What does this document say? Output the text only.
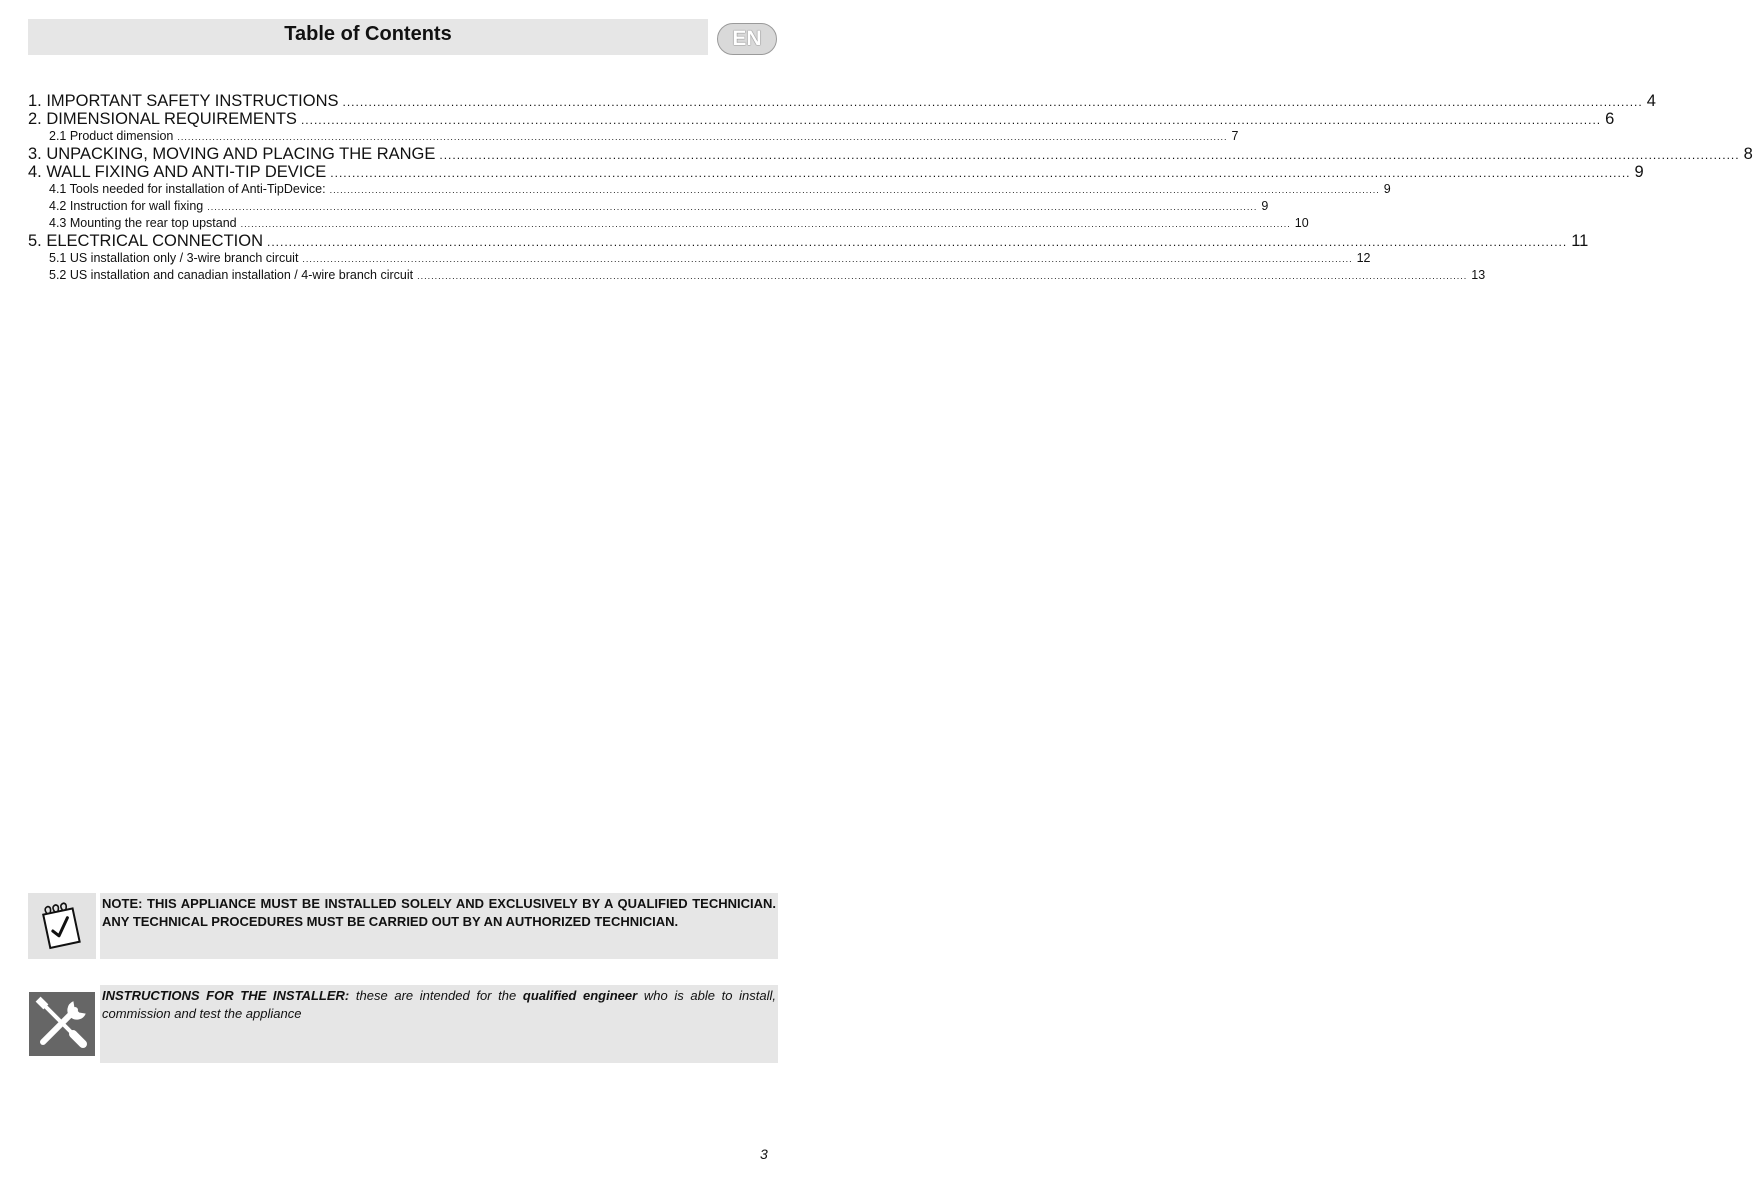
Table of Contents	EN
1. IMPORTANT SAFETY INSTRUCTIONS ............................................................................................................................................................................................................................................................................................................ 4
2. DIMENSIONAL REQUIREMENTS ............................................................................................................................................................................................................................................................................................................ 6
2.1 Product dimension ............................................................................................................................................................................................................................................................................................................ 7
3. UNPACKING, MOVING AND PLACING THE RANGE ............................................................................................................................................................................................................................................................................................................ 8
4. WALL FIXING AND ANTI-TIP DEVICE ............................................................................................................................................................................................................................................................................................................ 9
4.1 Tools needed for installation of Anti-TipDevice: ............................................................................................................................................................................................................................................................................................................ 9
4.2 Instruction for wall fixing ............................................................................................................................................................................................................................................................................................................ 9
4.3 Mounting the rear top upstand ............................................................................................................................................................................................................................................................................................................ 10
5. ELECTRICAL CONNECTION ............................................................................................................................................................................................................................................................................................................ 11
5.1 US installation only / 3-wire branch circuit ............................................................................................................................................................................................................................................................................................................ 12
5.2 US installation and canadian installation / 4-wire branch circuit ............................................................................................................................................................................................................................................................................................................ 13
NOTE: THIS APPLIANCE MUST BE INSTALLED SOLELY AND EXCLUSIVELY BY A QUALIFIED TECHNICIAN. ANY TECHNICAL PROCEDURES MUST BE CARRIED OUT BY AN AUTHORIZED TECHNICIAN.
INSTRUCTIONS FOR THE INSTALLER: these are intended for the qualified engineer who is able to install, commission and test the appliance
3
